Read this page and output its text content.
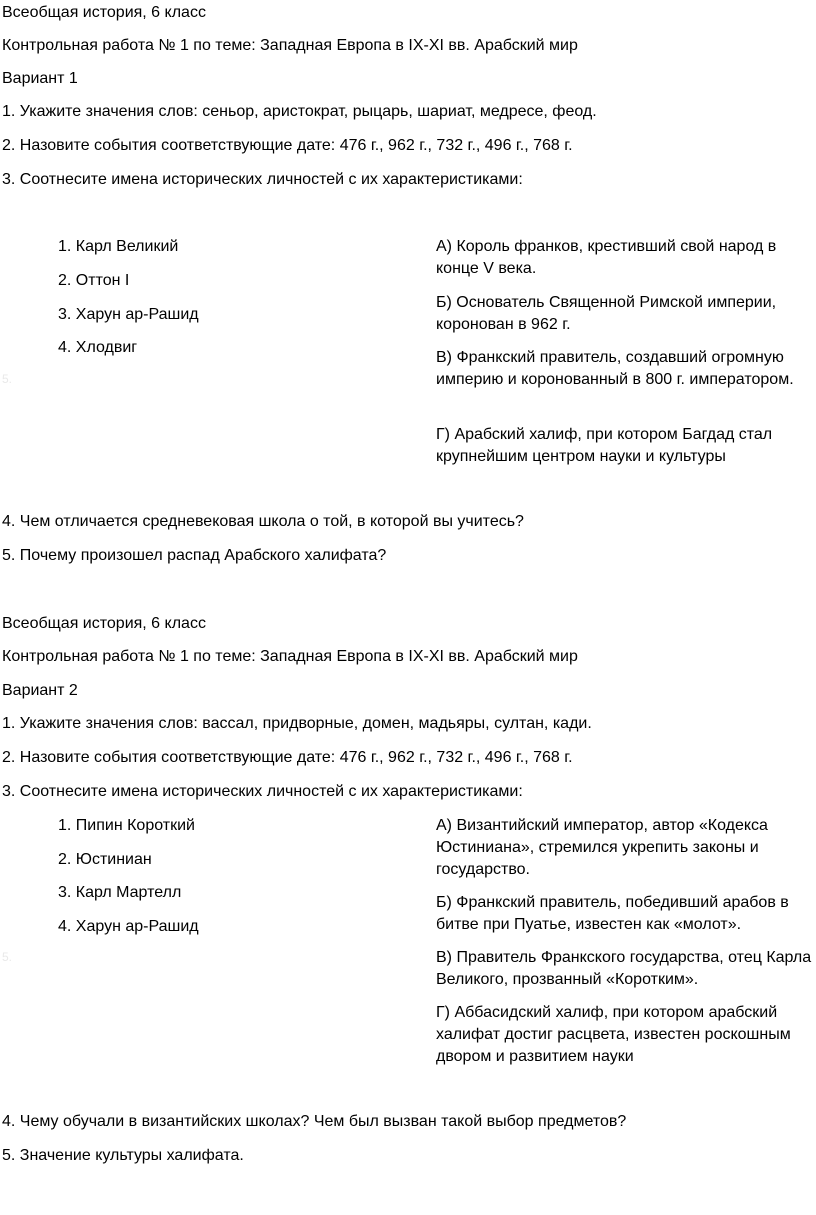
Всеобщая история, 6 класс
Контрольная работа № 1 по теме: Западная Европа в IX-XI вв. Арабский мир
Вариант 1
1. Укажите значения слов: сеньор, аристократ, рыцарь, шариат, медресе, феод.
2. Назовите события соответствующие дате: 476 г., 962 г., 732 г., 496 г., 768 г.
3. Соотнесите имена исторических личностей с их характеристиками:
1. Карл Великий
2. Оттон I
3. Харун ар-Рашид
4. Хлодвиг
5.
А) Король франков, крестивший свой народ в конце V века.
Б) Основатель Священной Римской империи, коронован в 962 г.
В) Франкский правитель, создавший огромную империю и коронованный в 800 г. императором.
Г) Арабский халиф, при котором Багдад стал крупнейшим центром науки и культуры
4. Чем отличается средневековая школа о той, в которой вы учитесь?
5. Почему произошел распад Арабского халифата?
Всеобщая история, 6 класс
Контрольная работа № 1 по теме: Западная Европа в IX-XI вв. Арабский мир
Вариант 2
1. Укажите значения слов: вассал, придворные, домен, мадьяры, султан, кади.
2. Назовите события соответствующие дате: 476 г., 962 г., 732 г., 496 г., 768 г.
3. Соотнесите имена исторических личностей с их характеристиками:
1. Пипин Короткий
2. Юстиниан
3. Карл Мартелл
4. Харун ар-Рашид
5.
А) Византийский император, автор «Кодекса Юстиниана», стремился укрепить законы и государство.
Б) Франкский правитель, победивший арабов в битве при Пуатье, известен как «молот».
В) Правитель Франкского государства, отец Карла Великого, прозванный «Коротким».
Г) Аббасидский халиф, при котором арабский халифат достиг расцвета, известен роскошным двором и развитием науки
4. Чему обучали в византийских школах? Чем был вызван такой выбор предметов?
5. Значение культуры халифата.
